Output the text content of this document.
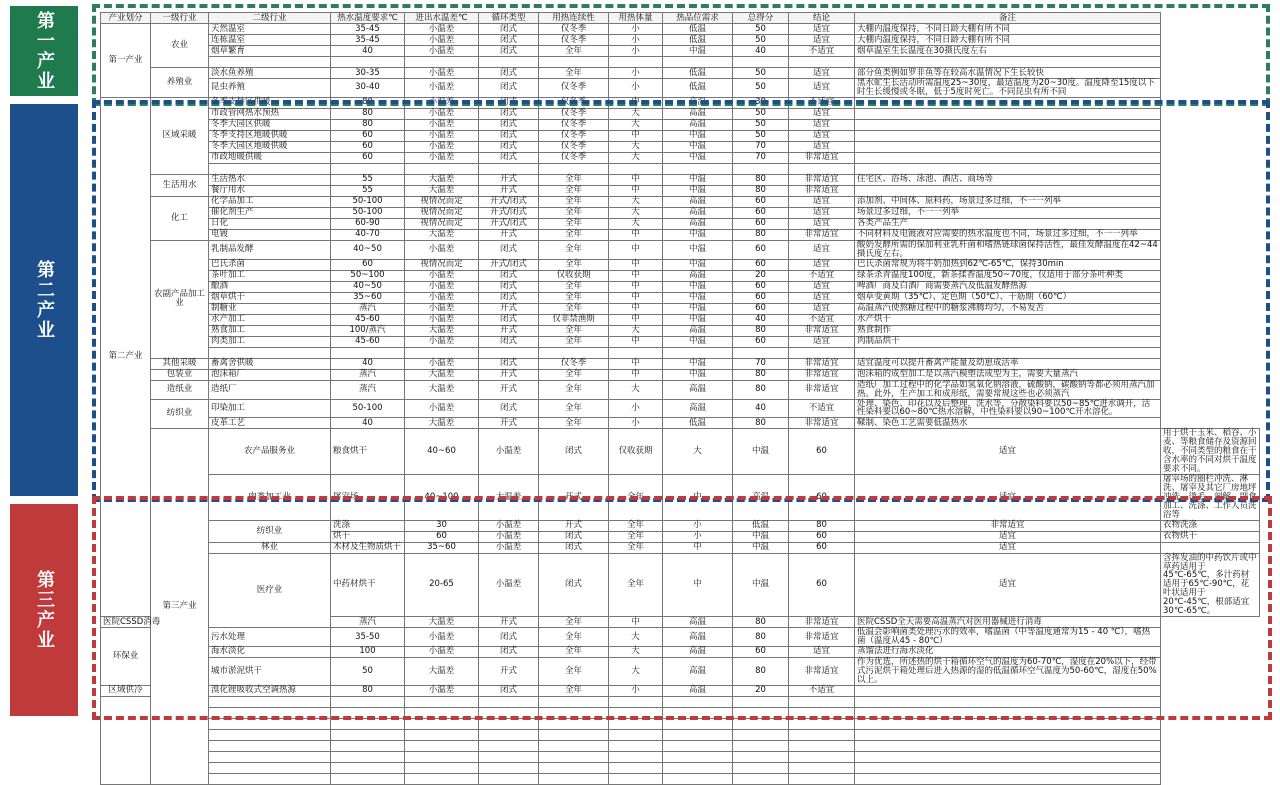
第一产业
第二产业
第三产业
产业划分	一级行业	二级行业	热水温度要求℃	进出水温差℃	循环类型	用热连续性	用热体量	热品位需求	总得分	结论	备注	
第一产业	农业	天然温室	35-45	小温差	闭式	仅冬季	小	低温	50	适宜	大棚内温度保持，不同日龄大棚有所不同	
		连栋温室	35-45	小温差	闭式	仅冬季	小	低温	50	适宜	大棚内温度保持，不同日龄大棚有所不同	
		烟草繁育	40	小温差	闭式	全年	小	中温	40	不适宜	烟草温室生长温度在30摄氏度左右	

	养殖业	淡水鱼养殖	30-35	小温差	闭式	全年	小	低温	50	适宜	部分鱼类例如罗非鱼等在较高水温情况下生长较快	
		昆虫养殖	30-40	小温差	闭式	仅冬季	小	低温	50	适宜	黑水虻生长活动所需温度25~30度，最适温度为20~30度。温度降至15度以下时生长缓慢或冬眠，低于5度时死亡。不同昆虫有所不同	
第二产业	区域采暖	冬季支持区供暖	80	小温差	闭式	仅冬季	中	高温	30	不适宜		
		市政管网热水预热	80	小温差	闭式	仅冬季	大	高温	50	适宜		
		冬季大园区供暖	80	小温差	闭式	仅冬季	大	高温	50	适宜		
		冬季支持区地暖供暖	60	小温差	闭式	仅冬季	中	中温	50	适宜		
		冬季大园区地暖供暖	60	小温差	闭式	仅冬季	大	中温	70	适宜		
		市政地暖供暖	60	小温差	闭式	仅冬季	大	中温	70	非常适宜		

	生活用水	生活热水	55	大温差	开式	全年	中	中温	80	非常适宜	住宅区、浴场、泳池、酒店、商场等	
		餐厅用水	55	大温差	开式	全年	中	中温	80	非常适宜		
	化工	化学品加工	50-100	视情况而定	开式/闭式	全年	大	高温	60	适宜	添加剂、中间体、原料药，场景过多过细，不一一列举	
		催化剂生产	50-100	视情况而定	开式/闭式	全年	大	高温	60	适宜	场景过多过细，不一一列举	
		日化	60-90	视情况而定	开式/闭式	全年	大	高温	60	适宜	各类产品生产	
		电镀	40-70	大温差	开式	全年	中	中温	80	非常适宜	不同材料及电镀液对应需要的热水温度也不同，场景过多过细，不一一列举	
	农副产品加工业	乳制品发酵	40~50	小温差	闭式	全年	中	中温	60	适宜	酸奶发酵所需的保加利亚乳杆菌和嗜热链球菌保持活性，最佳发酵温度在42~44摄氏度左右。	
		巴氏杀菌	60	视情况而定	开式/闭式	全年	中	中温	60	适宜	巴氏杀菌常规为将牛奶加热到62℃-65℃，保持30min	
		茶叶加工	50~100	小温差	闭式	仅收获期	中	高温	20	不适宜	绿茶杀青温度100度，新茶揉香温度50~70度，仅适用于部分茶叶种类	
		酿酒	40~50	小温差	闭式	全年	中	中温	60	适宜	啤酒厂商及白酒厂商需要蒸汽及低温发酵热源	
		烟草烘干	35~60	小温差	闭式	全年	中	中温	60	适宜	烟草变黄期（35℃）、定色期（50℃）、干筋期（60℃）	
		制糖业	蒸汽	小温差	开式	全年	中	中温	60	适宜	高温蒸汽使熬糖过程中的糖浆沸腾均匀，不易发苦	
		水产加工	45-60	小温差	闭式	仅非禁渔期	中	中温	40	不适宜	水产烘干	
		熟食加工	100/蒸汽	大温差	开式	全年	大	高温	80	非常适宜	熟食制作	
		肉类加工	45-60	小温差	闭式	全年	中	中温	60	适宜	肉制品烘干	

	其他采暖	畜禽舍供暖	40	小温差	闭式	仅冬季	中	中温	70	非常适宜	适宜温度可以提升畜禽产能量及幼崽成活率	
	包装业	泡沫箱厂	蒸汽	大温差	开式	全年	中	中温	80	非常适宜	泡沫箱的成型加工是以蒸汽模塑法成型为主，需要大量蒸汽	
	造纸业	造纸厂	蒸汽	大温差	开式	全年	大	高温	80	非常适宜	造纸厂加工过程中的化学品如氢氧化钠溶液，硫酸钠，碳酸钠等都必须用蒸汽加热。此外，生产加工和成形纸，需要常规这些也必须蒸汽	
	纺织业	印染加工	50-100	小温差	闭式	全年	小	高温	40	不适宜	处理、染色、印花以及后整理，洗水等，分散染料要以50~85℃进水调开，活性染料要以60~80℃热水溶解，中性染料要以90~100℃开水溶化。	
		皮革工艺	40	大温差	开式	全年	小	低温	80	非常适宜	鞣制、染色工艺需要低温热水	
	第三产业	农产品服务业	粮食烘干	40~60	小温差	闭式	仅收获期	大	中温	60	适宜	用于烘干玉米、稻谷、小麦、等粮食储存及资源回收，不同类型的粮食在干含水率的不同对烘干温度要求不同。
		肉类加工业	屠宰场	40~100	大温差	开式	全年	中	高温	60	适宜	屠宰场的圈栏冲洗、淋洗、屠宰及其它厂房地坪冲洗、烫毛、剖解、副食加工、洗涤、工作人员洗浴等
		纺织业	洗涤	30	小温差	开式	全年	小	低温	80	非常适宜	衣物洗涤
			烘干	60	小温差	闭式	全年	小	中温	60	适宜	衣物烘干
		林业	木材及生物质烘干	35~60	小温差	闭式	全年	中	中温	60	适宜	
		医疗业	中药材烘干	20-65	小温差	闭式	全年	中	中温	60	适宜	含挥发油的中药饮片或中草药适用于45℃-65℃，多汁药材适用于65℃-90℃，花叶状适用于20℃-45℃，根部适宜30℃-65℃。
医院CSSD消毒			蒸汽	大温差	开式	全年	中	高温	80	非常适宜	医院CSSD全天需要高温蒸汽对医用器械进行消毒	
环保业		污水处理	35-50	小温差	闭式	全年	大	高温	80	非常适宜	低温会影响菌类处理污水的效率，嗜温菌（中等温度通常为15 - 40 ℃），嗜热菌（温度从45 - 80℃）	
		海水淡化	100	小温差	闭式	全年	大	高温	60	适宜	蒸馏法进行海水淡化	
		城市淤泥烘干	50	大温差	开式	全年	大	高温	80	非常适宜	作为优选，所述热的烘干箱循环空气的温度为60-70℃，湿度在20%以下，经带式污泥烘干箱处理后进入热源的湿的低温循环空气温度为50-60℃，湿度在50%以上。	
区域供冷		溴化锂吸收式空调热源	80	小温差	闭式	全年	小	高温	20	不适宜		
